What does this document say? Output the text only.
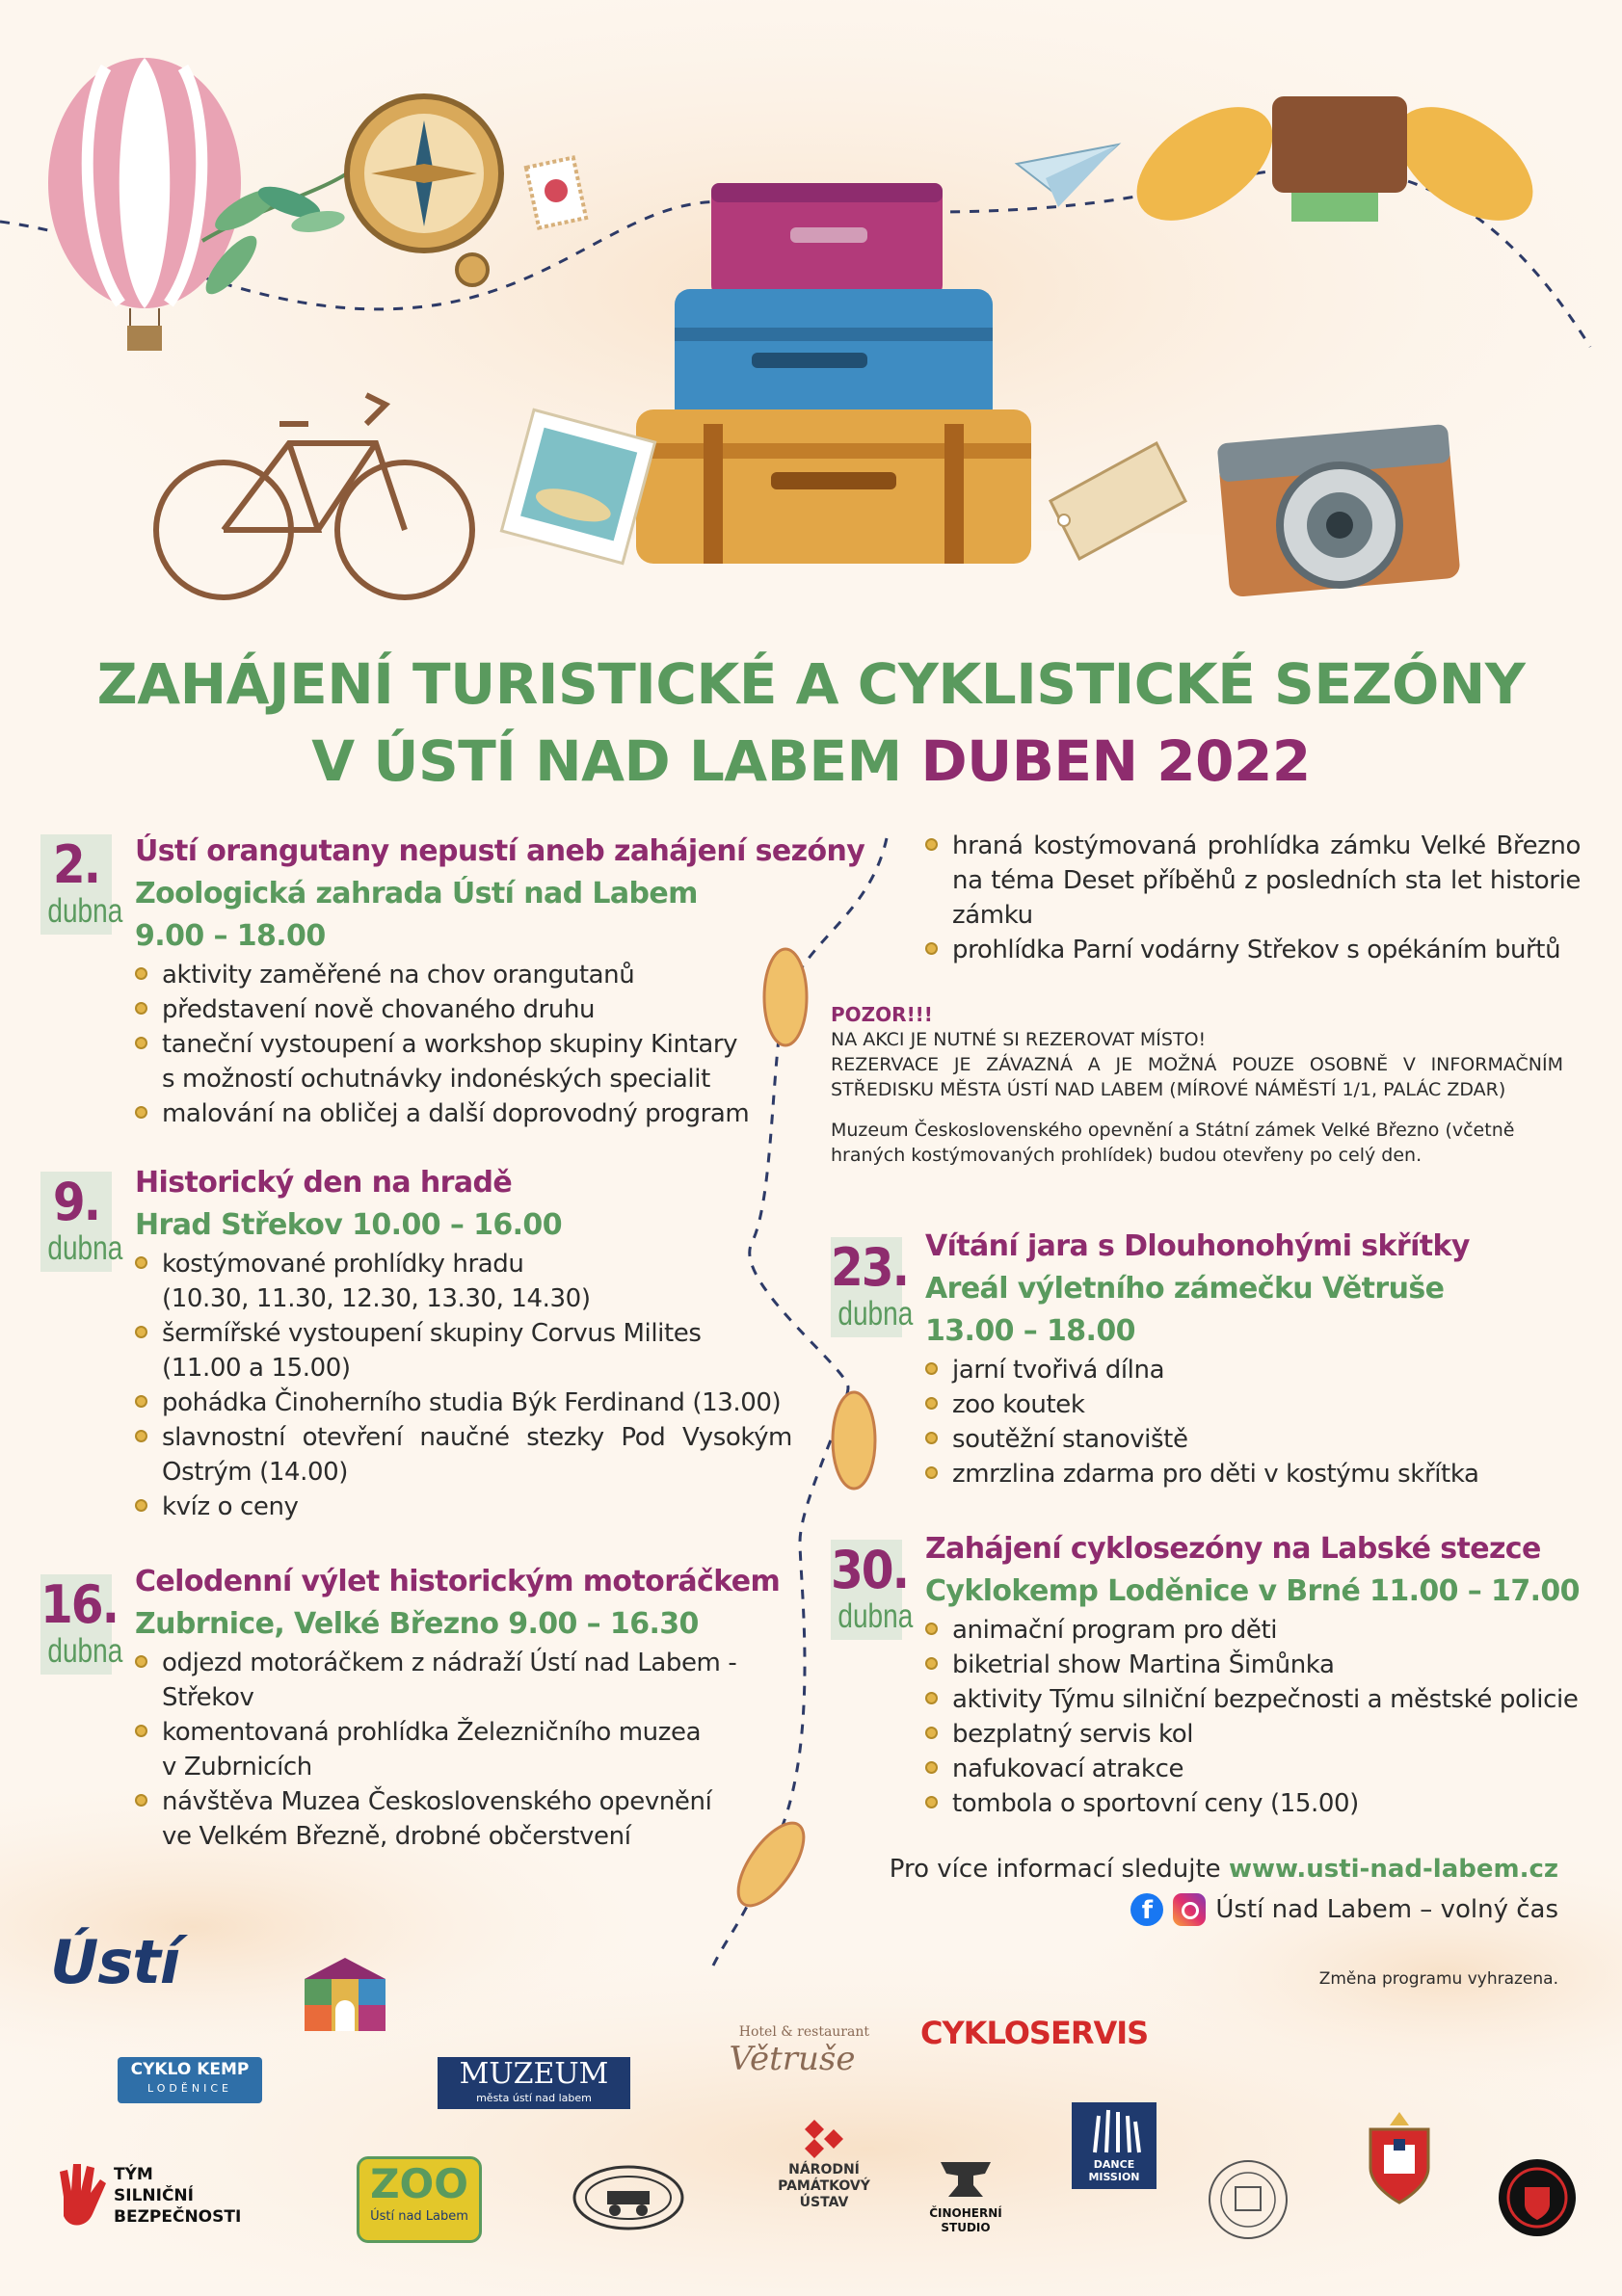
ZAHÁJENÍ TURISTICKÉ A CYKLISTICKÉ SEZÓNY
V ÚSTÍ NAD LABEM DUBEN 2022
2.
dubna
Ústí orangutany nepustí aneb zahájení sezóny
Zoologická zahrada Ústí nad Labem
9.00 – 18.00
aktivity zaměřené na chov orangutanů
představení nově chovaného druhu
taneční vystoupení a workshop skupiny Kintary
s možností ochutnávky indonéských specialit
malování na obličej a další doprovodný program
9.
dubna
Historický den na hradě
Hrad Střekov 10.00 – 16.00
kostýmované prohlídky hradu
(10.30, 11.30, 12.30, 13.30, 14.30)
šermířské vystoupení skupiny Corvus Milites
(11.00 a 15.00)
pohádka Činoherního studia Býk Ferdinand (13.00)
slavnostní otevření naučné stezky Pod Vysokým Ostrým (14.00)
kvíz o ceny
16.
dubna
Celodenní výlet historickým motoráčkem
Zubrnice, Velké Březno 9.00 – 16.30
odjezd motoráčkem z nádraží Ústí nad Labem -
Střekov
komentovaná prohlídka Železničního muzea
v Zubrnicích
návštěva Muzea Československého opevnění
ve Velkém Březně, drobné občerstvení
hraná kostýmovaná prohlídka zámku Velké Březno na téma Deset příběhů z posledních sta let historie zámku
prohlídka Parní vodárny Střekov s opékáním buřtů

POZOR!!!

NA AKCI JE NUTNÉ SI REZEROVAT MÍSTO!

REZERVACE JE ZÁVAZNÁ A JE MOŽNÁ POUZE OSOBNĚ V INFORMAČNÍM STŘEDISKU MĚSTA ÚSTÍ NAD LABEM (MÍROVÉ NÁMĚSTÍ 1/1, PALÁC ZDAR)

Muzeum Československého opevnění a Státní zámek Velké Březno (včetně hraných kostýmovaných prohlídek) budou otevřeny po celý den.

23.
dubna
Vítání jara s Dlouhonohými skřítky
Areál výletního zámečku Větruše
13.00 – 18.00
jarní tvořivá dílna
zoo koutek
soutěžní stanoviště
zmrzlina zdarma pro děti v kostýmu skřítka
30.
dubna
Zahájení cyklosezóny na Labské stezce
Cyklokemp Loděnice v Brné 11.00 – 17.00
animační program pro děti
biketrial show Martina Šimůnka
aktivity Týmu silniční bezpečnosti a městské policie
bezplatný servis kol
nafukovací atrakce
tombola o sportovní ceny (15.00)
Pro více informací sledujte www.usti-nad-labem.cz
f	Ústí nad Labem – volný čas
Změna programu vyhrazena.
Ústí
CYKLO KEMP
LODĚNICE	MUZEUM
města ústí nad labem
Hotel & restaurant
Větruše
CYKLOSERVIS
TÝM
SILNIČNÍ
BEZPEČNOSTI
ZOO
Ústí nad Labem
NÁRODNÍ
PAMÁTKOVÝ
ÚSTAV
ČINOHERNÍ
STUDIO
DANCE MISSION
